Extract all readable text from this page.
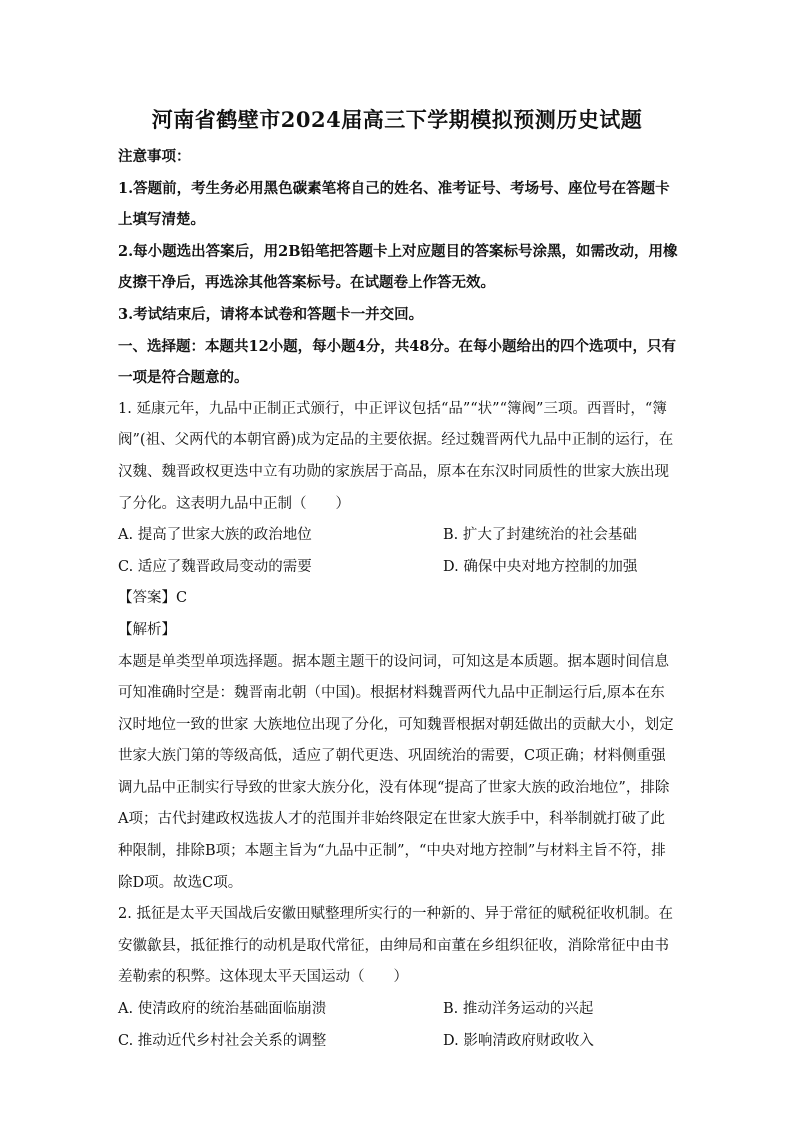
河南省鹤壁市2024届高三下学期模拟预测历史试题

注意事项：

1.答题前，考生务必用黑色碳素笔将自己的姓名、准考证号、考场号、座位号在答题卡上填写清楚。

2.每小题选出答案后，用2B铅笔把答题卡上对应题目的答案标号涂黑，如需改动，用橡皮擦干净后，再选涂其他答案标号。在试题卷上作答无效。

3.考试结束后，请将本试卷和答题卡一并交回。

一、选择题：本题共12小题，每小题4分，共48分。在每小题给出的四个选项中，只有一项是符合题意的。

1. 延康元年，九品中正制正式颁行，中正评议包括“品”“状”“簿阀”三项。西晋时，“簿阀”(祖、父两代的本朝官爵)成为定品的主要依据。经过魏晋两代九品中正制的运行，在汉魏、魏晋政权更迭中立有功勋的家族居于高品，原本在东汉时同质性的世家大族出现了分化。这表明九品中正制（　　）

A. 提高了世家大族的政治地位	B. 扩大了封建统治的社会基础
C. 适应了魏晋政局变动的需要	D. 确保中央对地方控制的加强

【答案】C

【解析】

本题是单类型单项选择题。据本题主题干的设问词，可知这是本质题。据本题时间信息可知准确时空是：魏晋南北朝（中国)。根据材料魏晋两代九品中正制运行后,原本在东汉时地位一致的世家 大族地位出现了分化，可知魏晋根据对朝廷做出的贡献大小，划定世家大族门第的等级高低，适应了朝代更迭、巩固统治的需要，C项正确；材料侧重强调九品中正制实行导致的世家大族分化，没有体现“提高了世家大族的政治地位”，排除A项；古代封建政权选拔人才的范围并非始终限定在世家大族手中，科举制就打破了此种限制，排除B项；本题主旨为“九品中正制”，“中央对地方控制”与材料主旨不符，排除D项。故选C项。

2. 抵征是太平天国战后安徽田赋整理所实行的一种新的、异于常征的赋税征收机制。在安徽歙县，抵征推行的动机是取代常征，由绅局和亩董在乡组织征收，消除常征中由书差勒索的积弊。这体现太平天国运动（　　）

A. 使清政府的统治基础面临崩溃	B. 推动洋务运动的兴起
C. 推动近代乡村社会关系的调整	D. 影响清政府财政收入
